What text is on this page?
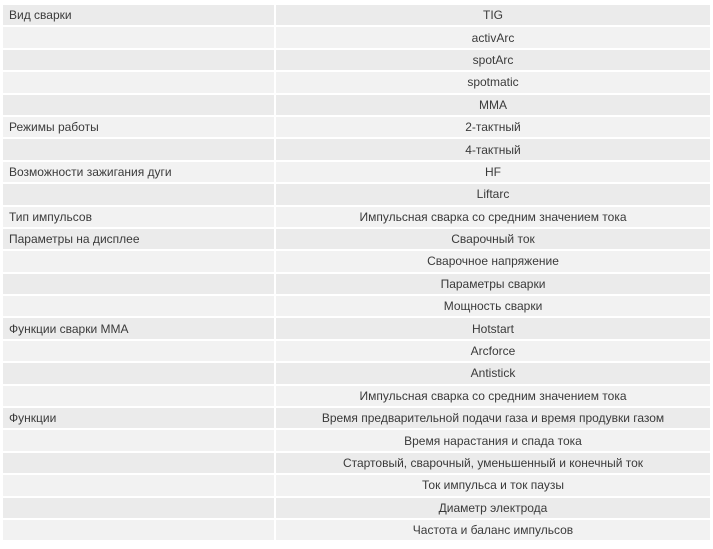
Вид сварки	TIG
	activArc
	spotArc
	spotmatic
	MMA
Режимы работы	2-тактный
	4-тактный
Возможности зажигания дуги	HF
	Liftarc
Тип импульсов	Импульсная сварка со средним значением тока
Параметры на дисплее	Сварочный ток
	Сварочное напряжение
	Параметры сварки
	Мощность сварки
Функции сварки MMA	Hotstart
	Arcforce
	Antistick
	Импульсная сварка со средним значением тока
Функции	Время предварительной подачи газа и время продувки газом
	Время нарастания и спада тока
	Стартовый, сварочный, уменьшенный и конечный ток
	Ток импульса и ток паузы
	Диаметр электрода
	Частота и баланс импульсов
